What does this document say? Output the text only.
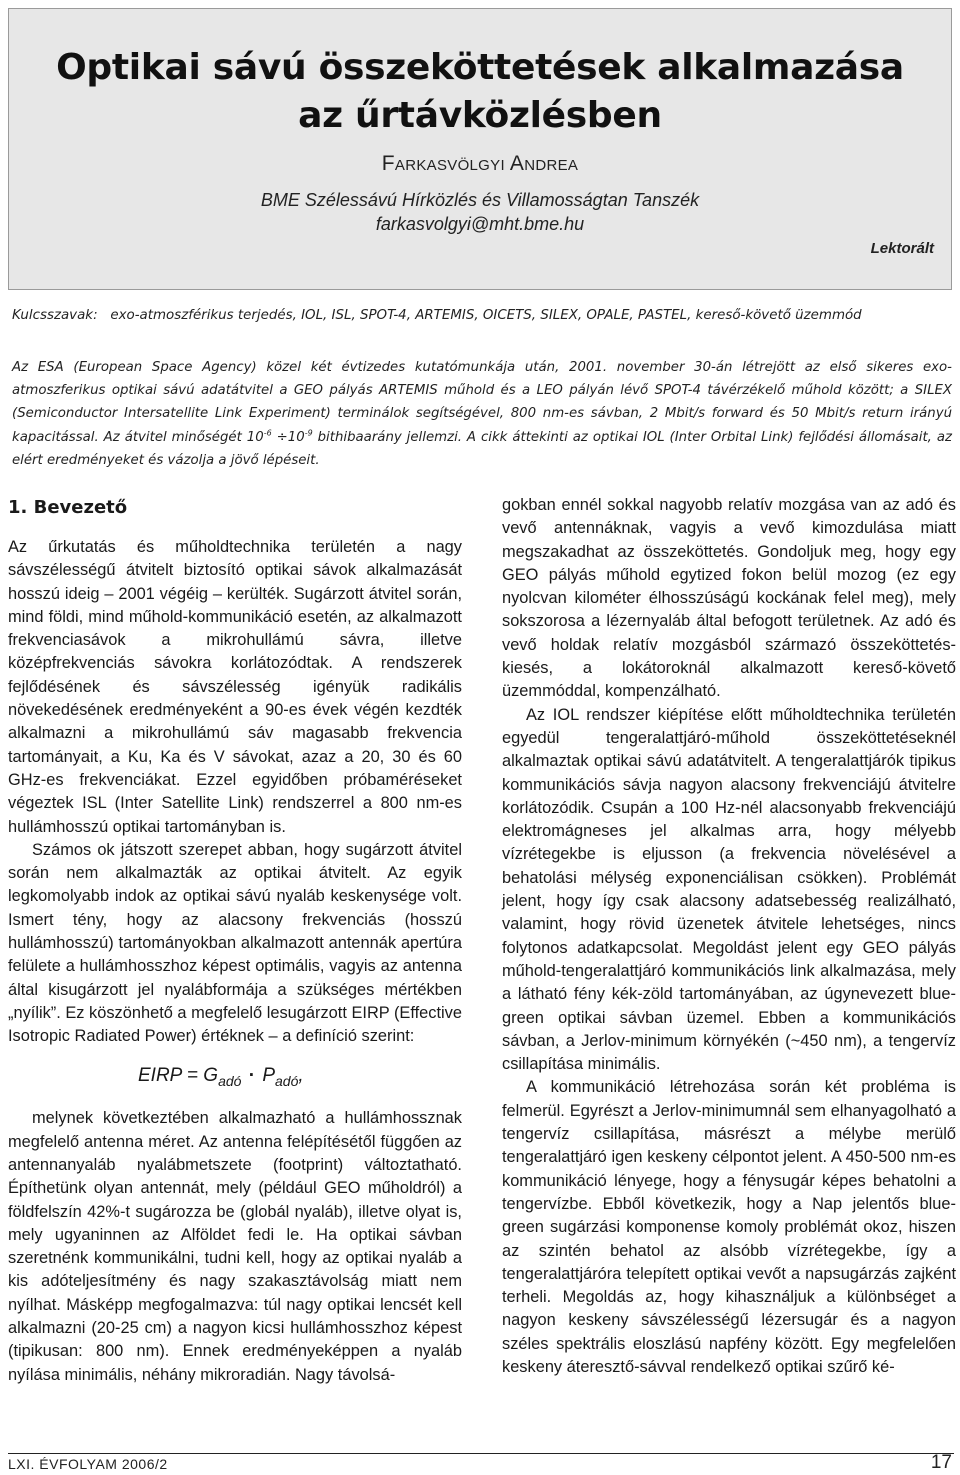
Optikai sávú összeköttetések alkalmazása
az űrtávközlésben
Farkasvölgyi Andrea
BME Szélessávú Hírközlés és Villamosságtan Tanszék
farkasvolgyi@mht.bme.hu
Lektorált
Kulcsszavak: exo-atmoszférikus terjedés, IOL, ISL, SPOT-4, ARTEMIS, OICETS, SILEX, OPALE, PASTEL, kereső-követő üzemmód
Az ESA (European Space Agency) közel két évtizedes kutatómunkája után, 2001. november 30-án létrejött az első sikeres exo-atmoszferikus optikai sávú adatátvitel a GEO pályás ARTEMIS műhold és a LEO pályán lévő SPOT-4 távérzékelő műhold között; a SILEX (Semiconductor Intersatellite Link Experiment) terminálok segítségével, 800 nm-es sávban, 2 Mbit/s forward és 50 Mbit/s return irányú kapacitással. Az átvitel minőségét $10^{-6} \div 10^{-9}$ bithibaarány jellemzi. A cikk áttekinti az optikai IOL (Inter Orbital Link) fejlődési állomásait, az elért eredményeket és vázolja a jövő lépéseit.
1. Bevezető

Az űrkutatás és műholdtechnika területén a nagy sávszélességű átvitelt biztosító optikai sávok alkalmazását hosszú ideig – 2001 végéig – kerülték. Sugárzott átvitel során, mind földi, mind műhold-kommunikáció esetén, az alkalmazott frekvenciasávok a mikrohullámú sávra, illetve középfrekvenciás sávokra korlátozódtak. A rendszerek fejlődésének és sávszélesség igényük radikális növekedésének eredményeként a 90-es évek végén kezdték alkalmazni a mikrohullámú sáv magasabb frekvencia tartományait, a Ku, Ka és V sávokat, azaz a 20, 30 és 60 GHz-es frekvenciákat. Ezzel egyidőben próbaméréseket végeztek ISL (Inter Satellite Link) rendszerrel a 800 nm-es hullámhosszú optikai tartományban is.

Számos ok játszott szerepet abban, hogy sugárzott átvitel során nem alkalmazták az optikai átvitelt. Az egyik legkomolyabb indok az optikai sávú nyaláb keskenysége volt. Ismert tény, hogy az alacsony frekvenciás (hosszú hullámhosszú) tartományokban alkalmazott antennák apertúra felülete a hullámhosszhoz képest optimális, vagyis az antenna által kisugárzott jel nyalábformája a szükséges mértékben „nyílik”. Ez köszönhető a megfelelő lesugárzott EIRP (Effective Isotropic Radiated Power) értéknek – a definíció szerint:

EIRP = $G_{adó} \cdot P_{adó}$,

melynek következtében alkalmazható a hullámhossznak megfelelő antenna méret. Az antenna felépítésétől függően az antennanyaláb nyalábmetszete (footprint) változtatható. Építhetünk olyan antennát, mely (például GEO műholdról) a földfelszín 42%-t sugározza be (globál nyaláb), illetve olyat is, mely ugyaninnen az Alföldet fedi le. Ha optikai sávban szeretnénk kommunikálni, tudni kell, hogy az optikai nyaláb a kis adóteljesítmény és nagy szakasztávolság miatt nem nyílhat. Másképp megfogalmazva: túl nagy optikai lencsét kell alkalmazni (20-25 cm) a nagyon kicsi hullámhosszhoz képest (tipikusan: 800 nm). Ennek eredményeképpen a nyaláb nyílása minimális, néhány mikroradián. Nagy távolsá-

gokban ennél sokkal nagyobb relatív mozgása van az adó és vevő antennáknak, vagyis a vevő kimozdulása miatt megszakadhat az összeköttetés. Gondoljuk meg, hogy egy GEO pályás műhold egytized fokon belül mozog (ez egy nyolcvan kilométer élhosszúságú kockának felel meg), mely sokszorosa a lézernyaláb által befogott területnek. Az adó és vevő holdak relatív mozgásból származó összeköttetés-kiesés, a lokátoroknál alkalmazott kereső-követő üzemmóddal, kompenzálható.

Az IOL rendszer kiépítése előtt műholdtechnika területén egyedül tengeralattjáró-műhold összeköttetéseknél alkalmaztak optikai sávú adatátvitelt. A tengeralattjárók tipikus kommunikációs sávja nagyon alacsony frekvenciájú átvitelre korlátozódik. Csupán a 100 Hz-nél alacsonyabb frekvenciájú elektromágneses jel alkalmas arra, hogy mélyebb vízrétegekbe is eljusson (a frekvencia növelésével a behatolási mélység exponenciálisan csökken). Problémát jelent, hogy így csak alacsony adatsebesség realizálható, valamint, hogy rövid üzenetek átvitele lehetséges, nincs folytonos adatkapcsolat. Megoldást jelent egy GEO pályás műhold-tengeralattjáró kommunikációs link alkalmazása, mely a látható fény kék-zöld tartományában, az úgynevezett blue-green optikai sávban üzemel. Ebben a kommunikációs sávban, a Jerlov-minimum környékén (~450 nm), a tengervíz csillapítása minimális.

A kommunikáció létrehozása során két probléma is felmerül. Egyrészt a Jerlov-minimumnál sem elhanyagolható a tengervíz csillapítása, másrészt a mélybe merülő tengeralattjáró igen keskeny célpontot jelent. A 450-500 nm-es kommunikáció lényege, hogy a fénysugár képes behatolni a tengervízbe. Ebből következik, hogy a Nap jelentős blue-green sugárzási komponense komoly problémát okoz, hiszen az szintén behatol az alsóbb vízrétegekbe, így a tengeralattjáróra telepített optikai vevőt a napsugárzás zajként terheli. Megoldás az, hogy kihasználjuk a különbséget a nagyon keskeny sávszélességű lézersugár és a nagyon széles spektrális eloszlású napfény között. Egy megfelelően keskeny áteresztő-sávval rendelkező optikai szűrő ké-

LXI. ÉVFOLYAM 2006/2	17
